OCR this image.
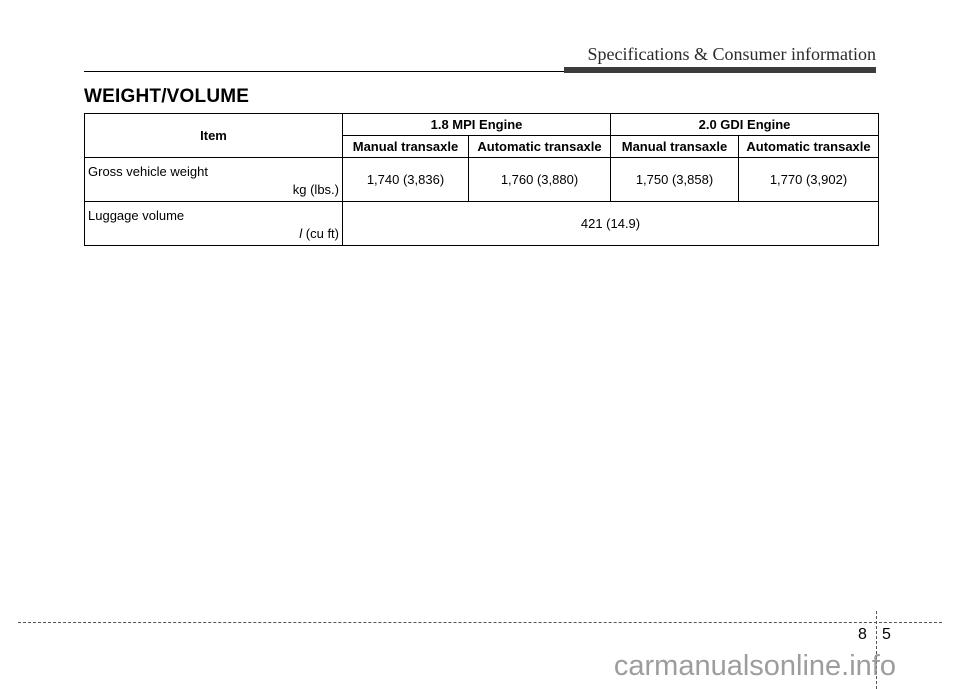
Specifications & Consumer information
WEIGHT/VOLUME
Item	1.8 MPI Engine		2.0 GDI Engine	
	Manual transaxle	Automatic transaxle	Manual transaxle	Automatic transaxle

Gross vehicle weight
kg (lbs.)	1,740 (3,836)	1,760 (3,880)	1,750 (3,858)	1,770 (3,902)

Luggage volume
l (cu ft)	421 (14.9)			
8 5
carmanualsonline.info
